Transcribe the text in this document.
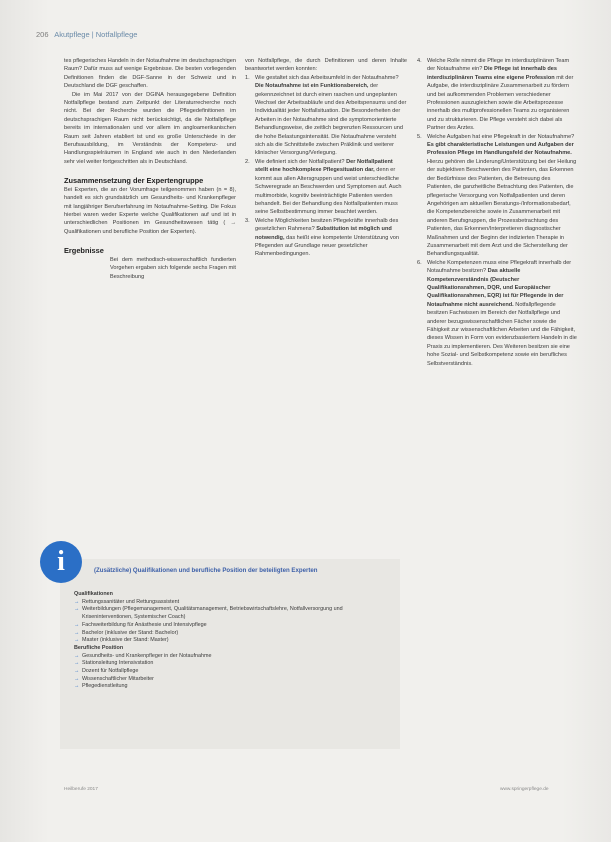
206 Akutpflege | Notfallpflege

tes pflegerisches Handeln in der Notaufnahme im deutschsprachigen Raum? Dafür muss auf wenige Ergebnisse. Die besten vorliegenden Definitionen finden die DGF-Sanne in der Schweiz und in Deutschland die DGF geschaffen.

Die im Mai 2017 von der DGINA herausgegebene Definition Notfallpflege bestand zum Zeitpunkt der Literaturrecherche noch nicht. Bei der Recherche wurden die Pflegedefinitionen im deutschsprachigen Raum nicht berücksichtigt, da die Notfallpflege bereits im internationalen und vor allem im angloamerikanischen Raum seit Jahren etabliert ist und es große Unterschiede in der Berufsausbildung, im Verständnis der Kompetenz- und Handlungsspielräumen in England wie auch in den Niederlanden sehr viel weiter fortgeschritten als in Deutschland.

Zusammensetzung der Expertengruppe

Bei Experten, die an der Vorumfrage teilgenommen haben (n = 8), handelt es sich grundsätzlich um Gesundheits- und Krankenpfleger mit langjähriger Berufserfahrung im Notaufnahme-Setting. Die Fokus hierbei waren weder Experte welche Qualifikationen auf und ist in unterschiedlichen Positionen im Gesundheitswesen tätig ( → Qualifikationen und berufliche Position der Experten).

Ergebnisse

Bei dem methodisch-wissenschaftlich fundierten Vorgehen ergaben sich folgende sechs Fragen mit Beschreibung

von Notfallpflege, die durch Definitionen und deren Inhalte beantwortet werden konnten:

1. Wie gestaltet sich das Arbeitsumfeld in der Notaufnahme? Die Notaufnahme ist ein Funktionsbereich, der gekennzeichnet ist durch einen raschen und ungeplanten Wechsel der Arbeitsabläufe und des Arbeitspensums und der Individualität jeder Notfallsituation. Die Besonderheiten der Arbeiten in der Notaufnahme sind die symptomorientierte Behandlungsweise, die zeitlich begrenzten Ressourcen und die hohe Belastungsintensität. Die Notaufnahme versteht sich als die Schnittstelle zwischen Präklinik und weiterer klinischer Versorgung/Verlegung.
2. Wie definiert sich der Notfallpatient? Der Notfallpatient stellt eine hochkomplexe Pflegesituation dar, denn er kommt aus allen Altersgruppen und weist unterschiedliche Schweregrade an Beschwerden und Symptomen auf. Auch multimorbide, kognitiv beeinträchtigte Patienten werden behandelt. Bei der Behandlung des Notfallpatienten muss seine Selbstbestimmung immer beachtet werden.
3. Welche Möglichkeiten besitzen Pflegekräfte innerhalb des gesetzlichen Rahmens? Substitution ist möglich und notwendig, das heißt eine kompetente Unterstützung von Pflegenden auf Grundlage neuer gesetzlicher Rahmenbedingungen.
4. Welche Rolle nimmt die Pflege im interdisziplinären Team der Notaufnahme ein? Die Pflege ist innerhalb des interdisziplinären Teams eine eigene Profession mit der Aufgabe, die interdisziplinäre Zusammenarbeit zu fördern und bei aufkommenden Problemen verschiedener Professionen auszugleichen sowie die Arbeitsprozesse innerhalb des multiprofessionellen Teams zu organisieren und zu strukturieren. Die Pflege versteht sich dabei als Partner des Arztes.
5. Welche Aufgaben hat eine Pflegekraft in der Notaufnahme? Es gibt charakteristische Leistungen und Aufgaben der Profession Pflege im Handlungsfeld der Notaufnahme. Hierzu gehören die Linderung/Unterstützung bei der Heilung der subjektiven Beschwerden des Patienten, das Erkennen der Bedürfnisse des Patienten, die Betreuung des Patienten, die ganzheitliche Betrachtung des Patienten, die pflegerische Versorgung von Notfallpatienten und deren Angehörigen am aktuellen Beratungs-/Informationsbedarf, die Kompetenzbereiche sowie in Zusammenarbeit mit anderen Berufsgruppen, die Prozessbetrachtung des Patienten, das Erkennen/Interpretieren diagnostischer Maßnahmen und der Beginn der indizierten Therapie in Zusammenarbeit mit dem Arzt und die Sicherstellung der Behandlungsqualität.
6. Welche Kompetenzen muss eine Pflegekraft innerhalb der Notaufnahme besitzen? Das aktuelle Kompetenzverständnis (Deutscher Qualifikationsrahmen, DQR, und Europäischer Qualifikationsrahmen, EQR) ist für Pflegende in der Notaufnahme nicht ausreichend. Notfallpflegende besitzen Fachwissen im Bereich der Notfallpflege und anderer bezugswissenschaftlichen Fächer sowie die Fähigkeit zur wissenschaftlichen Arbeiten und die Fähigkeit, dieses Wissen in Form von evidenzbasiertem Handeln in die Praxis zu implementieren. Des Weiteren besitzen sie eine hohe Sozial- und Selbstkompetenz sowie ein berufliches Selbstverständnis.
i	(Zusätzliche) Qualifikationen und berufliche Position der beteiligten Experten
Qualifikationen
→ Rettungssanitäter und Rettungsassistent
→ Weiterbildungen (Pflegemanagement, Qualitätsmanagement, Betriebswirtschaftslehre, Notfallversorgung und Kriseninterventionen, Systemischer Coach)
→ Fachweiterbildung für Anästhesie und Intensivpflege
→ Bachelor (inklusive der Stand: Bachelor)
→ Master (inklusive der Stand: Master)
Berufliche Position
→ Gesundheits- und Krankenpfleger in der Notaufnahme
→ Stationsleitung Intensivstation
→ Dozent für Notfallpflege
→ Wissenschaftlicher Mitarbeiter
→ Pflegedienstleitung
Heilberufe 2017	www.springerpflege.de
